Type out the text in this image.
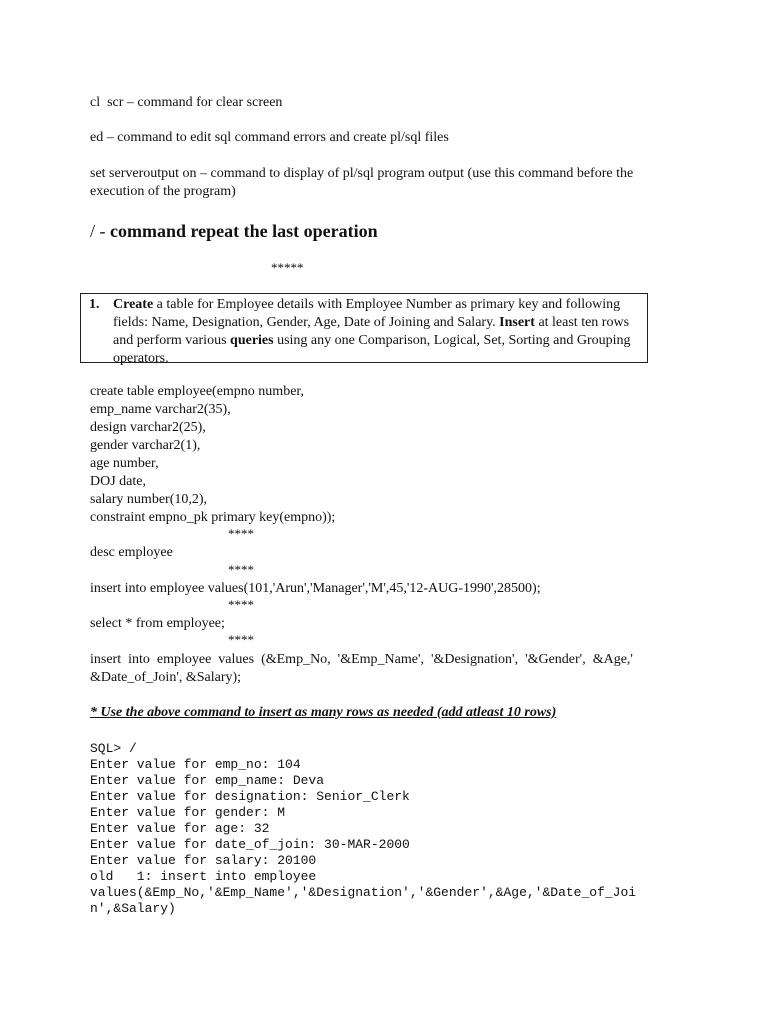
cl  scr – command for clear screen
ed – command to edit sql command errors and create pl/sql files
set serveroutput on – command to display of pl/sql program output (use this command before the execution of the program)
/ - command repeat the last operation
*****
1. Create a table for Employee details with Employee Number as primary key and following fields: Name, Designation, Gender, Age, Date of Joining and Salary. Insert at least ten rows and perform various queries using any one Comparison, Logical, Set, Sorting and Grouping operators.
create table employee(empno number,
emp_name varchar2(35),
design varchar2(25),
gender varchar2(1),
age number,
DOJ date,
salary number(10,2),
constraint empno_pk primary key(empno));
****
desc employee
****
insert into employee values(101,'Arun','Manager','M',45,'12-AUG-1990',28500);
****
select * from employee;
****
insert  into  employee  values  (&Emp_No,  '&Emp_Name',  '&Designation',  '&Gender',  &Age,'
&Date_of_Join', &Salary);
* Use the above command to insert as many rows as needed (add atleast 10 rows)
SQL> /
Enter value for emp_no: 104
Enter value for emp_name: Deva
Enter value for designation: Senior_Clerk
Enter value for gender: M
Enter value for age: 32
Enter value for date_of_join: 30-MAR-2000
Enter value for salary: 20100
old   1: insert into employee
values(&Emp_No,'&Emp_Name','&Designation','&Gender',&Age,'&Date_of_Joi
n',&Salary)
